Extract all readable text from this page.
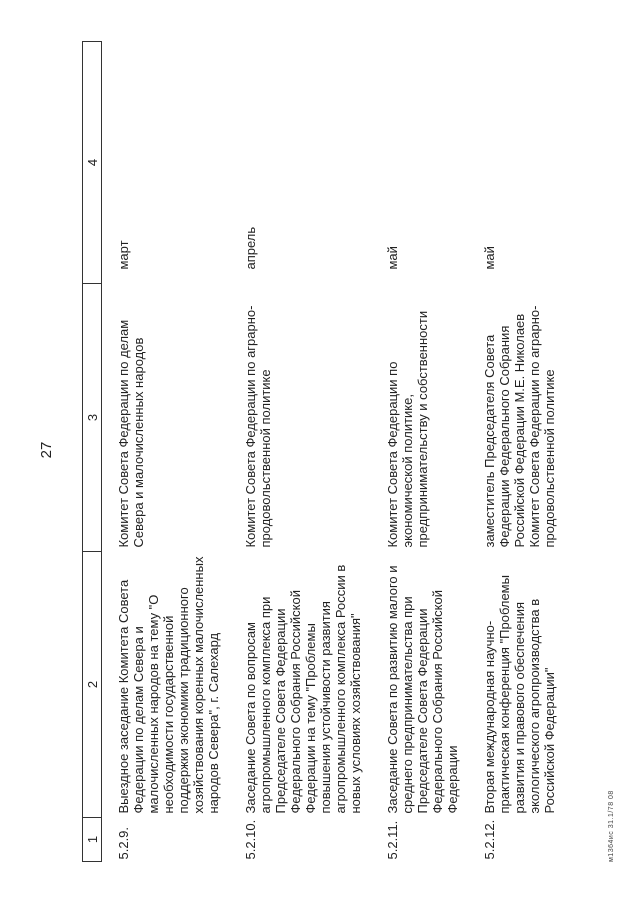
27
1	2	3	4
5.2.9.	Выездное заседание Комитета Совета Федерации по делам Севера и малочисленных народов на тему "О необходимости государственной поддержки экономики традиционного хозяйствования коренных малочисленных народов Севера", г. Салехард	Комитет Совета Федерации по делам Севера и малочисленных народов	март
5.2.10.	Заседание Совета по вопросам агропромышленного комплекса при Председателе Совета Федерации Федерального Собрания Российской Федерации на тему "Проблемы повышения устойчивости развития агропромышленного комплекса России в новых условиях хозяйствования"	Комитет Совета Федерации по аграрно-продовольственной политике	апрель
5.2.11.	Заседание Совета по развитию малого и среднего предпринимательства при Председателе Совета Федерации Федерального Собрания Российской Федерации	Комитет Совета Федерации по экономической политике, предпринимательству и собственности	май
5.2.12.	Вторая международная научно-практическая конференция "Проблемы развития и правового обеспечения экологического агропроизводства в Российской Федерации"	заместитель Председателя Совета Федерации Федерального Собрания Российской Федерации М.Е. Николаев Комитет Совета Федерации по аграрно-продовольственной политике	май
м1364ис 31.1/78 08
